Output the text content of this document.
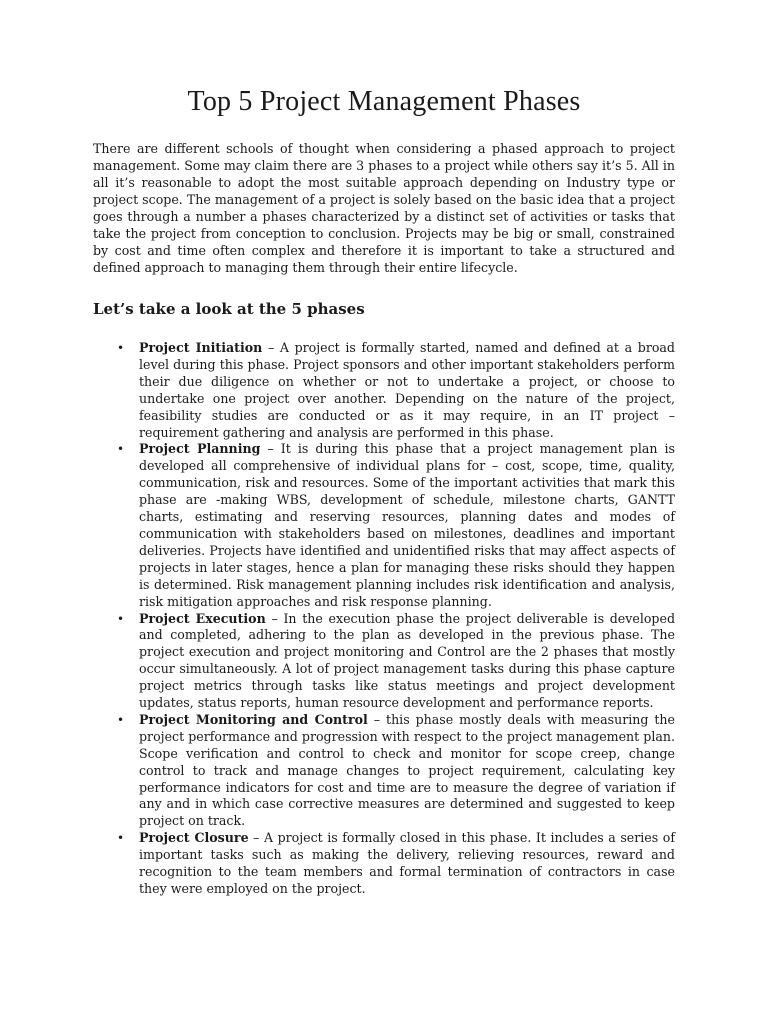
Top 5 Project Management Phases

There are different schools of thought when considering a phased approach to project management. Some may claim there are 3 phases to a project while others say it’s 5. All in all it’s reasonable to adopt the most suitable approach depending on Industry type or project scope. The management of a project is solely based on the basic idea that a project goes through a number a phases characterized by a distinct set of activities or tasks that take the project from conception to conclusion. Projects may be big or small, constrained by cost and time often complex and therefore it is important to take a structured and defined approach to managing them through their entire lifecycle.

Let’s take a look at the 5 phases
• Project Initiation – A project is formally started, named and defined at a broad level during this phase. Project sponsors and other important stakeholders perform their due diligence on whether or not to undertake a project, or choose to undertake one project over another. Depending on the nature of the project, feasibility studies are conducted or as it may require, in an IT project – requirement gathering and analysis are performed in this phase.
• Project Planning – It is during this phase that a project management plan is developed all comprehensive of individual plans for – cost, scope, time, quality, communication, risk and resources. Some of the important activities that mark this phase are -making WBS, development of schedule, milestone charts, GANTT charts, estimating and reserving resources, planning dates and modes of communication with stakeholders based on milestones, deadlines and important deliveries. Projects have identified and unidentified risks that may affect aspects of projects in later stages, hence a plan for managing these risks should they happen is determined. Risk management planning includes risk identification and analysis, risk mitigation approaches and risk response planning.
• Project Execution – In the execution phase the project deliverable is developed and completed, adhering to the plan as developed in the previous phase. The project execution and project monitoring and Control are the 2 phases that mostly occur simultaneously. A lot of project management tasks during this phase capture project metrics through tasks like status meetings and project development updates, status reports, human resource development and performance reports.
• Project Monitoring and Control – this phase mostly deals with measuring the project performance and progression with respect to the project management plan. Scope verification and control to check and monitor for scope creep, change control to track and manage changes to project requirement, calculating key performance indicators for cost and time are to measure the degree of variation if any and in which case corrective measures are determined and suggested to keep project on track.
• Project Closure – A project is formally closed in this phase. It includes a series of important tasks such as making the delivery, relieving resources, reward and recognition to the team members and formal termination of contractors in case they were employed on the project.
